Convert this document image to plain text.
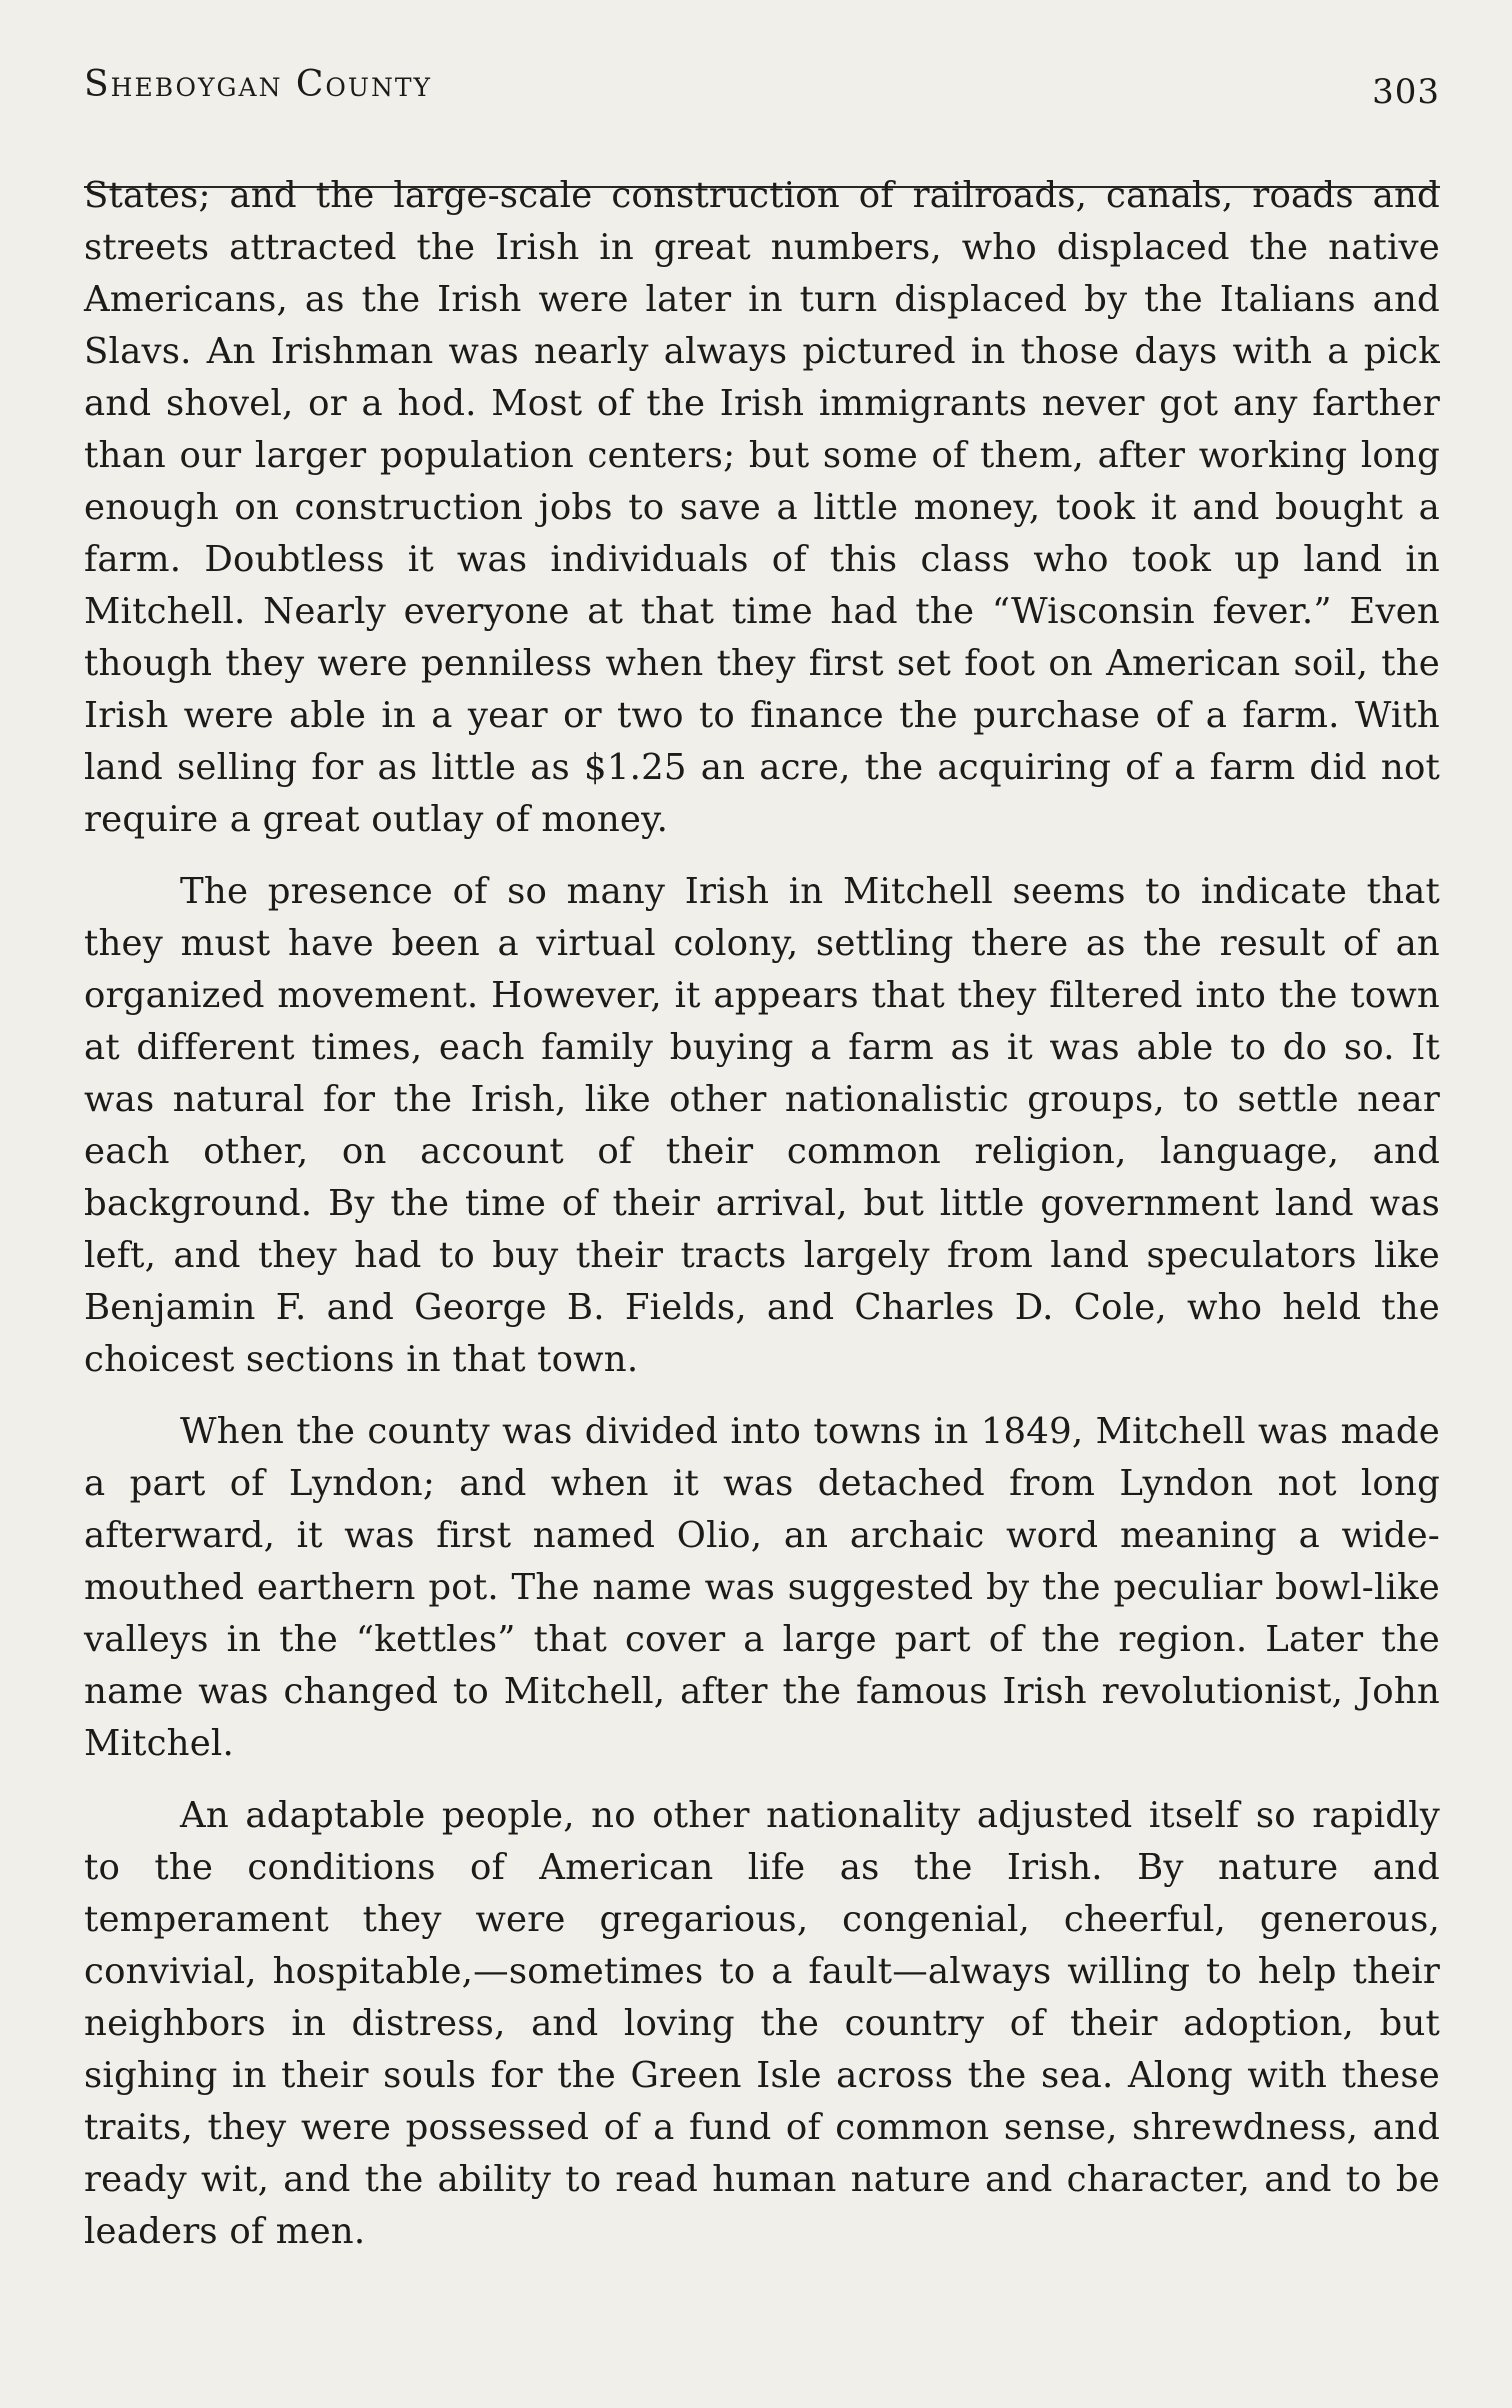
Sheboygan County	303

States; and the large-scale construction of railroads, canals, roads and streets attracted the Irish in great numbers, who displaced the native Americans, as the Irish were later in turn displaced by the Italians and Slavs. An Irishman was nearly always pictured in those days with a pick and shovel, or a hod. Most of the Irish immigrants never got any farther than our larger population centers; but some of them, after working long enough on construction jobs to save a little money, took it and bought a farm. Doubtless it was individuals of this class who took up land in Mitchell. Nearly everyone at that time had the “Wisconsin fever.” Even though they were penniless when they first set foot on American soil, the Irish were able in a year or two to finance the purchase of a farm. With land selling for as little as $1.25 an acre, the acquiring of a farm did not require a great outlay of money.

The presence of so many Irish in Mitchell seems to indicate that they must have been a virtual colony, settling there as the result of an organized movement. However, it appears that they filtered into the town at different times, each family buying a farm as it was able to do so. It was natural for the Irish, like other nationalistic groups, to settle near each other, on account of their common religion, language, and background. By the time of their arrival, but little government land was left, and they had to buy their tracts largely from land speculators like Benjamin F. and George B. Fields, and Charles D. Cole, who held the choicest sections in that town.

When the county was divided into towns in 1849, Mitchell was made a part of Lyndon; and when it was detached from Lyndon not long afterward, it was first named Olio, an archaic word meaning a wide-mouthed earthern pot. The name was suggested by the peculiar bowl-like valleys in the “kettles” that cover a large part of the region. Later the name was changed to Mitchell, after the famous Irish revolutionist, John Mitchel.

An adaptable people, no other nationality adjusted itself so rapidly to the conditions of American life as the Irish. By nature and temperament they were gregarious, congenial, cheerful, generous, convivial, hospitable,—sometimes to a fault—always willing to help their neighbors in distress, and loving the country of their adoption, but sighing in their souls for the Green Isle across the sea. Along with these traits, they were possessed of a fund of common sense, shrewdness, and ready wit, and the ability to read human nature and character, and to be leaders of men.
